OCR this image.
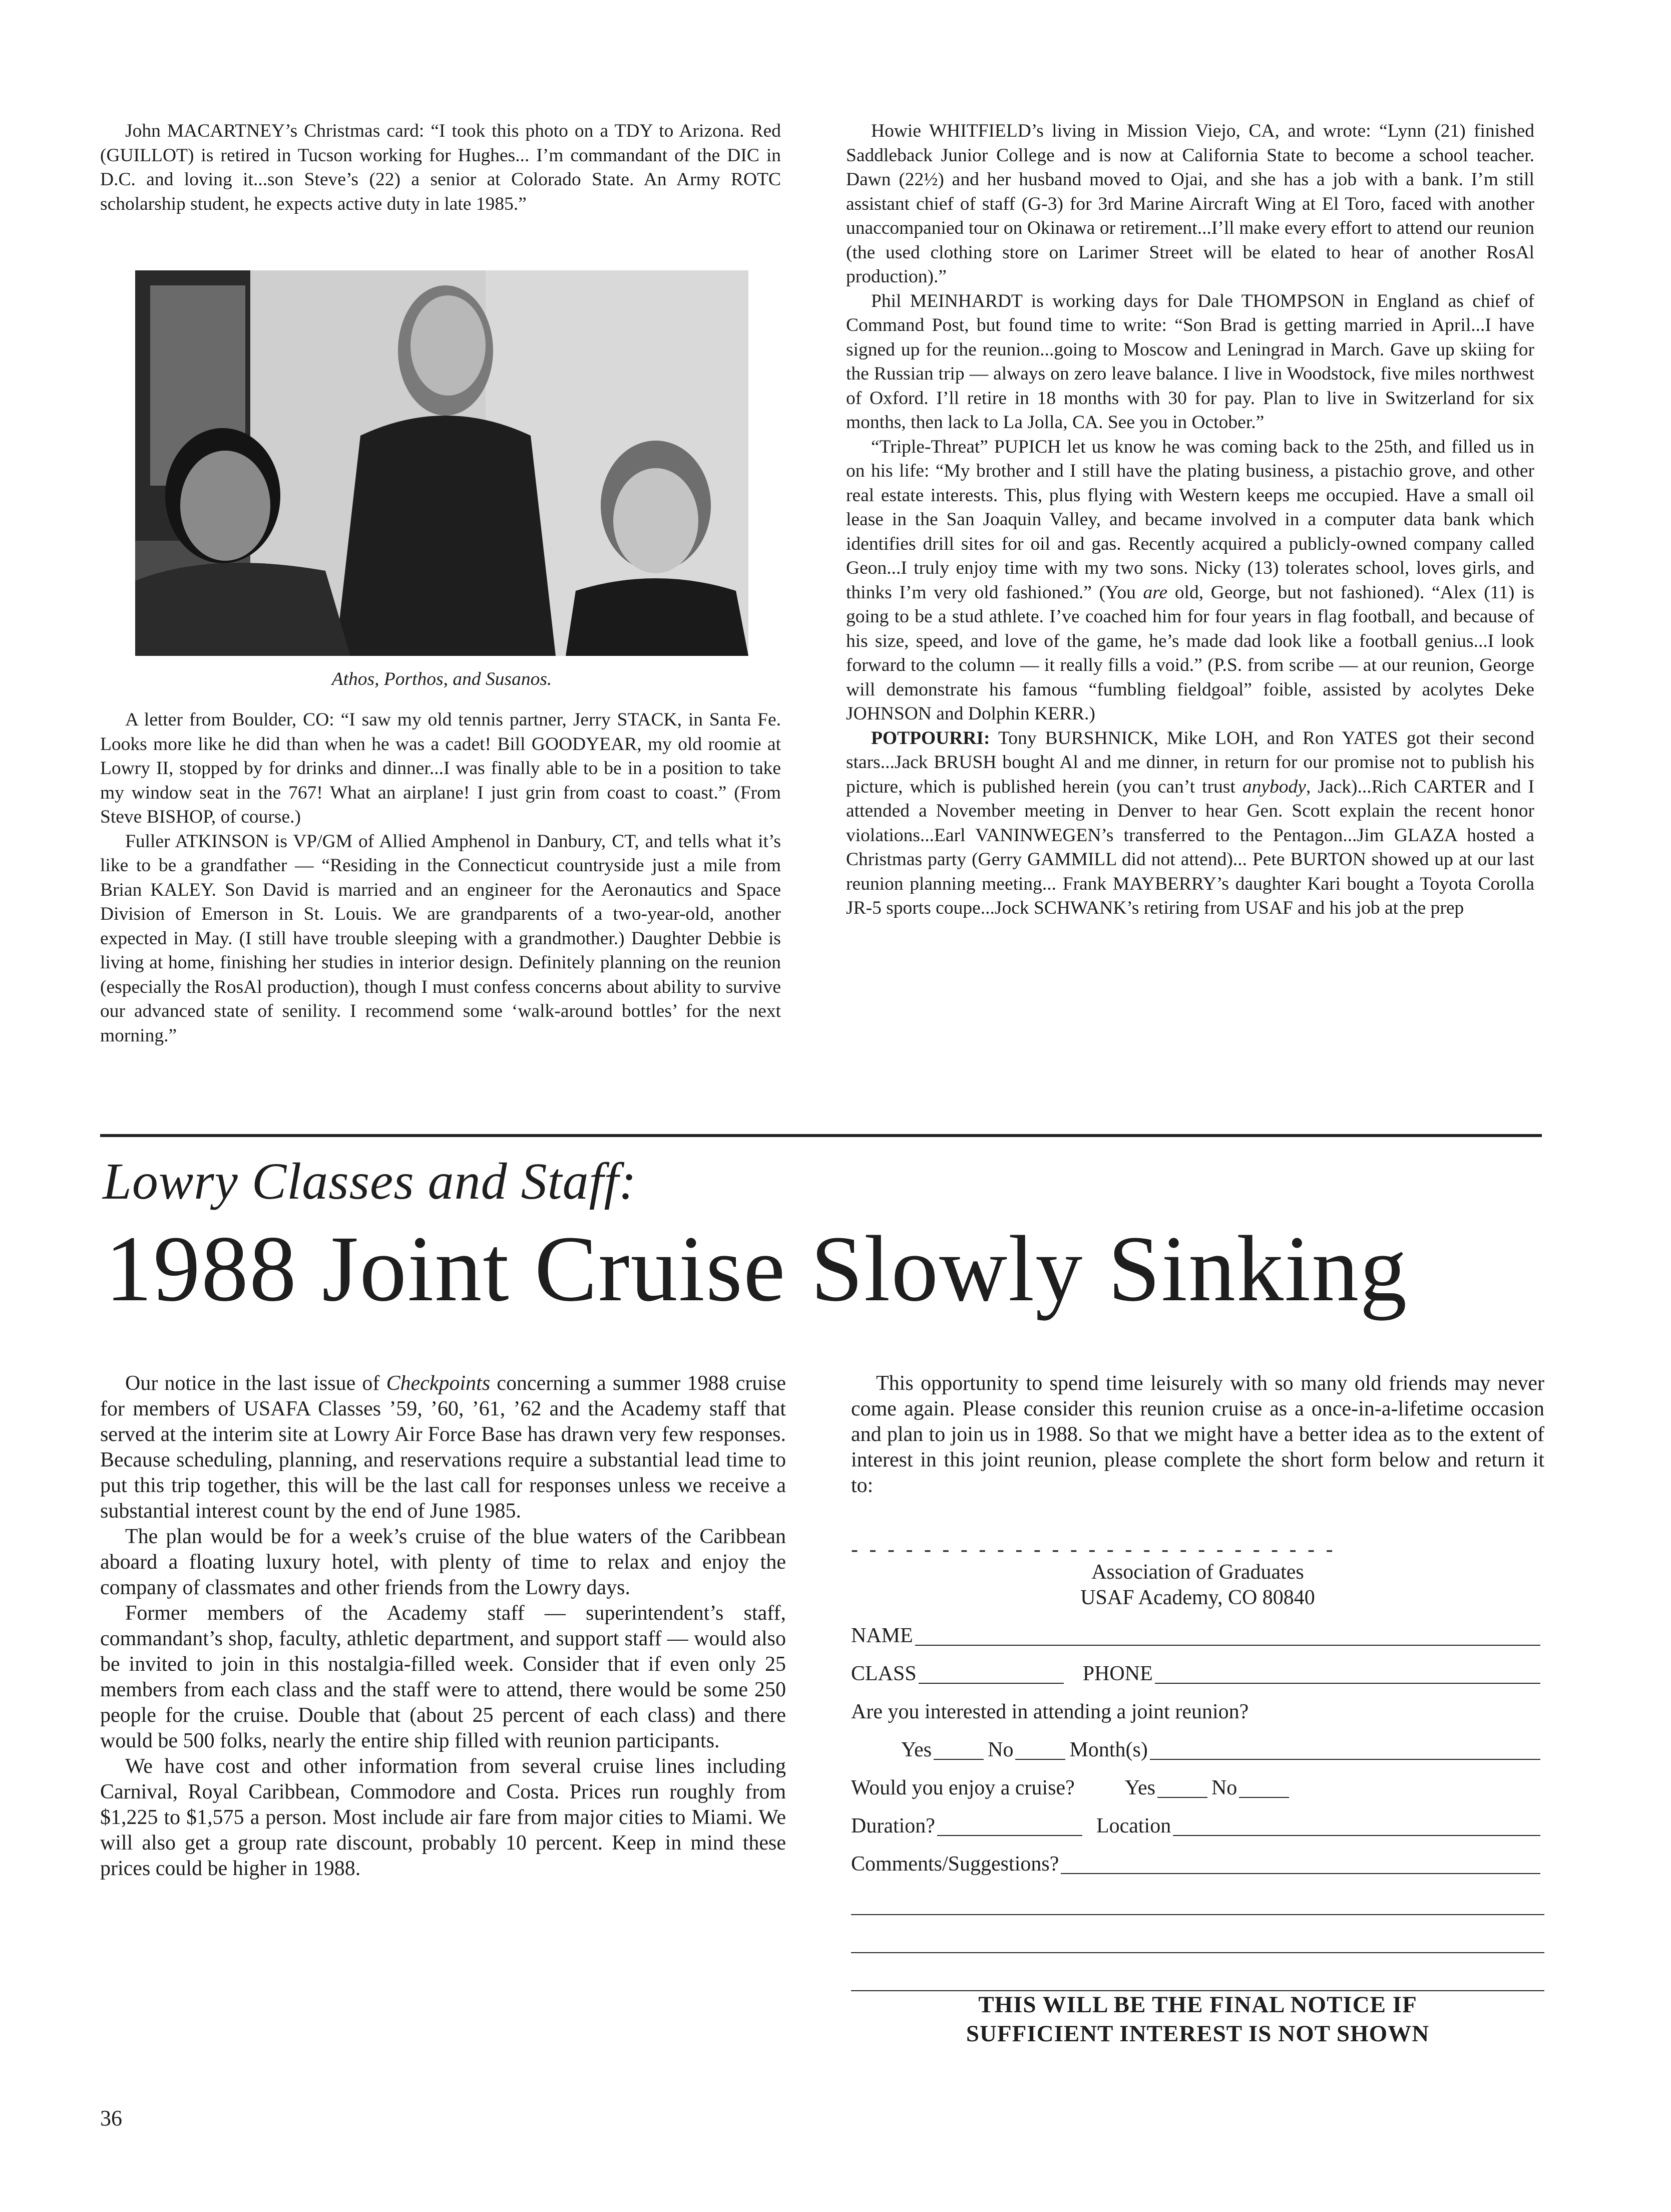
John MACARTNEY’s Christmas card: “I took this photo on a TDY to Arizona. Red (GUILLOT) is retired in Tucson working for Hughes... I’m commandant of the DIC in D.C. and loving it...son Steve’s (22) a senior at Colorado State. An Army ROTC scholarship student, he expects active duty in late 1985.”

Athos, Porthos, and Susanos.

A letter from Boulder, CO: “I saw my old tennis partner, Jerry STACK, in Santa Fe. Looks more like he did than when he was a cadet! Bill GOODYEAR, my old roomie at Lowry II, stopped by for drinks and dinner...I was finally able to be in a position to take my window seat in the 767! What an airplane! I just grin from coast to coast.” (From Steve BISHOP, of course.)

Fuller ATKINSON is VP/GM of Allied Amphenol in Danbury, CT, and tells what it’s like to be a grandfather — “Residing in the Connecticut countryside just a mile from Brian KALEY. Son David is married and an engineer for the Aeronautics and Space Division of Emerson in St. Louis. We are grandparents of a two-year-old, another expected in May. (I still have trouble sleeping with a grandmother.) Daughter Debbie is living at home, finishing her studies in interior design. Definitely planning on the reunion (especially the RosAl production), though I must confess concerns about ability to survive our advanced state of senility. I recommend some ‘walk-around bottles’ for the next morning.”

Howie WHITFIELD’s living in Mission Viejo, CA, and wrote: “Lynn (21) finished Saddleback Junior College and is now at California State to become a school teacher. Dawn (22½) and her husband moved to Ojai, and she has a job with a bank. I’m still assistant chief of staff (G-3) for 3rd Marine Aircraft Wing at El Toro, faced with another unaccompanied tour on Okinawa or retirement...I’ll make every effort to attend our reunion (the used clothing store on Larimer Street will be elated to hear of another RosAl production).”

Phil MEINHARDT is working days for Dale THOMPSON in England as chief of Command Post, but found time to write: “Son Brad is getting married in April...I have signed up for the reunion...going to Moscow and Leningrad in March. Gave up skiing for the Russian trip — always on zero leave balance. I live in Woodstock, five miles northwest of Oxford. I’ll retire in 18 months with 30 for pay. Plan to live in Switzerland for six months, then lack to La Jolla, CA. See you in October.”

“Triple-Threat” PUPICH let us know he was coming back to the 25th, and filled us in on his life: “My brother and I still have the plating business, a pistachio grove, and other real estate interests. This, plus flying with Western keeps me occupied. Have a small oil lease in the San Joaquin Valley, and became involved in a computer data bank which identifies drill sites for oil and gas. Recently acquired a publicly-owned company called Geon...I truly enjoy time with my two sons. Nicky (13) tolerates school, loves girls, and thinks I’m very old fashioned.” (You are old, George, but not fashioned). “Alex (11) is going to be a stud athlete. I’ve coached him for four years in flag football, and because of his size, speed, and love of the game, he’s made dad look like a football genius...I look forward to the column — it really fills a void.” (P.S. from scribe — at our reunion, George will demonstrate his famous “fumbling fieldgoal” foible, assisted by acolytes Deke JOHNSON and Dolphin KERR.)

POTPOURRI: Tony BURSHNICK, Mike LOH, and Ron YATES got their second stars...Jack BRUSH bought Al and me dinner, in return for our promise not to publish his picture, which is published herein (you can’t trust anybody, Jack)...Rich CARTER and I attended a November meeting in Denver to hear Gen. Scott explain the recent honor violations...Earl VANINWEGEN’s transferred to the Pentagon...Jim GLAZA hosted a Christmas party (Gerry GAMMILL did not attend)... Pete BURTON showed up at our last reunion planning meeting... Frank MAYBERRY’s daughter Kari bought a Toyota Corolla JR-5 sports coupe...Jock SCHWANK’s retiring from USAF and his job at the prep

Lowry Classes and Staff:
1988 Joint Cruise Slowly Sinking

Our notice in the last issue of Checkpoints concerning a summer 1988 cruise for members of USAFA Classes ’59, ’60, ’61, ’62 and the Academy staff that served at the interim site at Lowry Air Force Base has drawn very few responses. Because scheduling, planning, and reservations require a substantial lead time to put this trip together, this will be the last call for responses unless we receive a substantial interest count by the end of June 1985.

The plan would be for a week’s cruise of the blue waters of the Caribbean aboard a floating luxury hotel, with plenty of time to relax and enjoy the company of classmates and other friends from the Lowry days.

Former members of the Academy staff — superintendent’s staff, commandant’s shop, faculty, athletic department, and support staff — would also be invited to join in this nostalgia-filled week. Consider that if even only 25 members from each class and the staff were to attend, there would be some 250 people for the cruise. Double that (about 25 percent of each class) and there would be 500 folks, nearly the entire ship filled with reunion participants.

We have cost and other information from several cruise lines including Carnival, Royal Caribbean, Commodore and Costa. Prices run roughly from $1,225 to $1,575 a person. Most include air fare from major cities to Miami. We will also get a group rate discount, probably 10 percent. Keep in mind these prices could be higher in 1988.

This opportunity to spend time leisurely with so many old friends may never come again. Please consider this reunion cruise as a once-in-a-lifetime occasion and plan to join us in 1988. So that we might have a better idea as to the extent of interest in this joint reunion, please complete the short form below and return it to:

- - - - - - - - - - - - - - - - - - - - - - - - - - -
Association of Graduates
USAF Academy, CO 80840
NAME
CLASS	PHONE
Are you interested in attending a joint reunion?
Yes	No	Month(s)
Would you enjoy a cruise? Yes	No
Duration?	Location
Comments/Suggestions?
THIS WILL BE THE FINAL NOTICE IF
SUFFICIENT INTEREST IS NOT SHOWN
36
